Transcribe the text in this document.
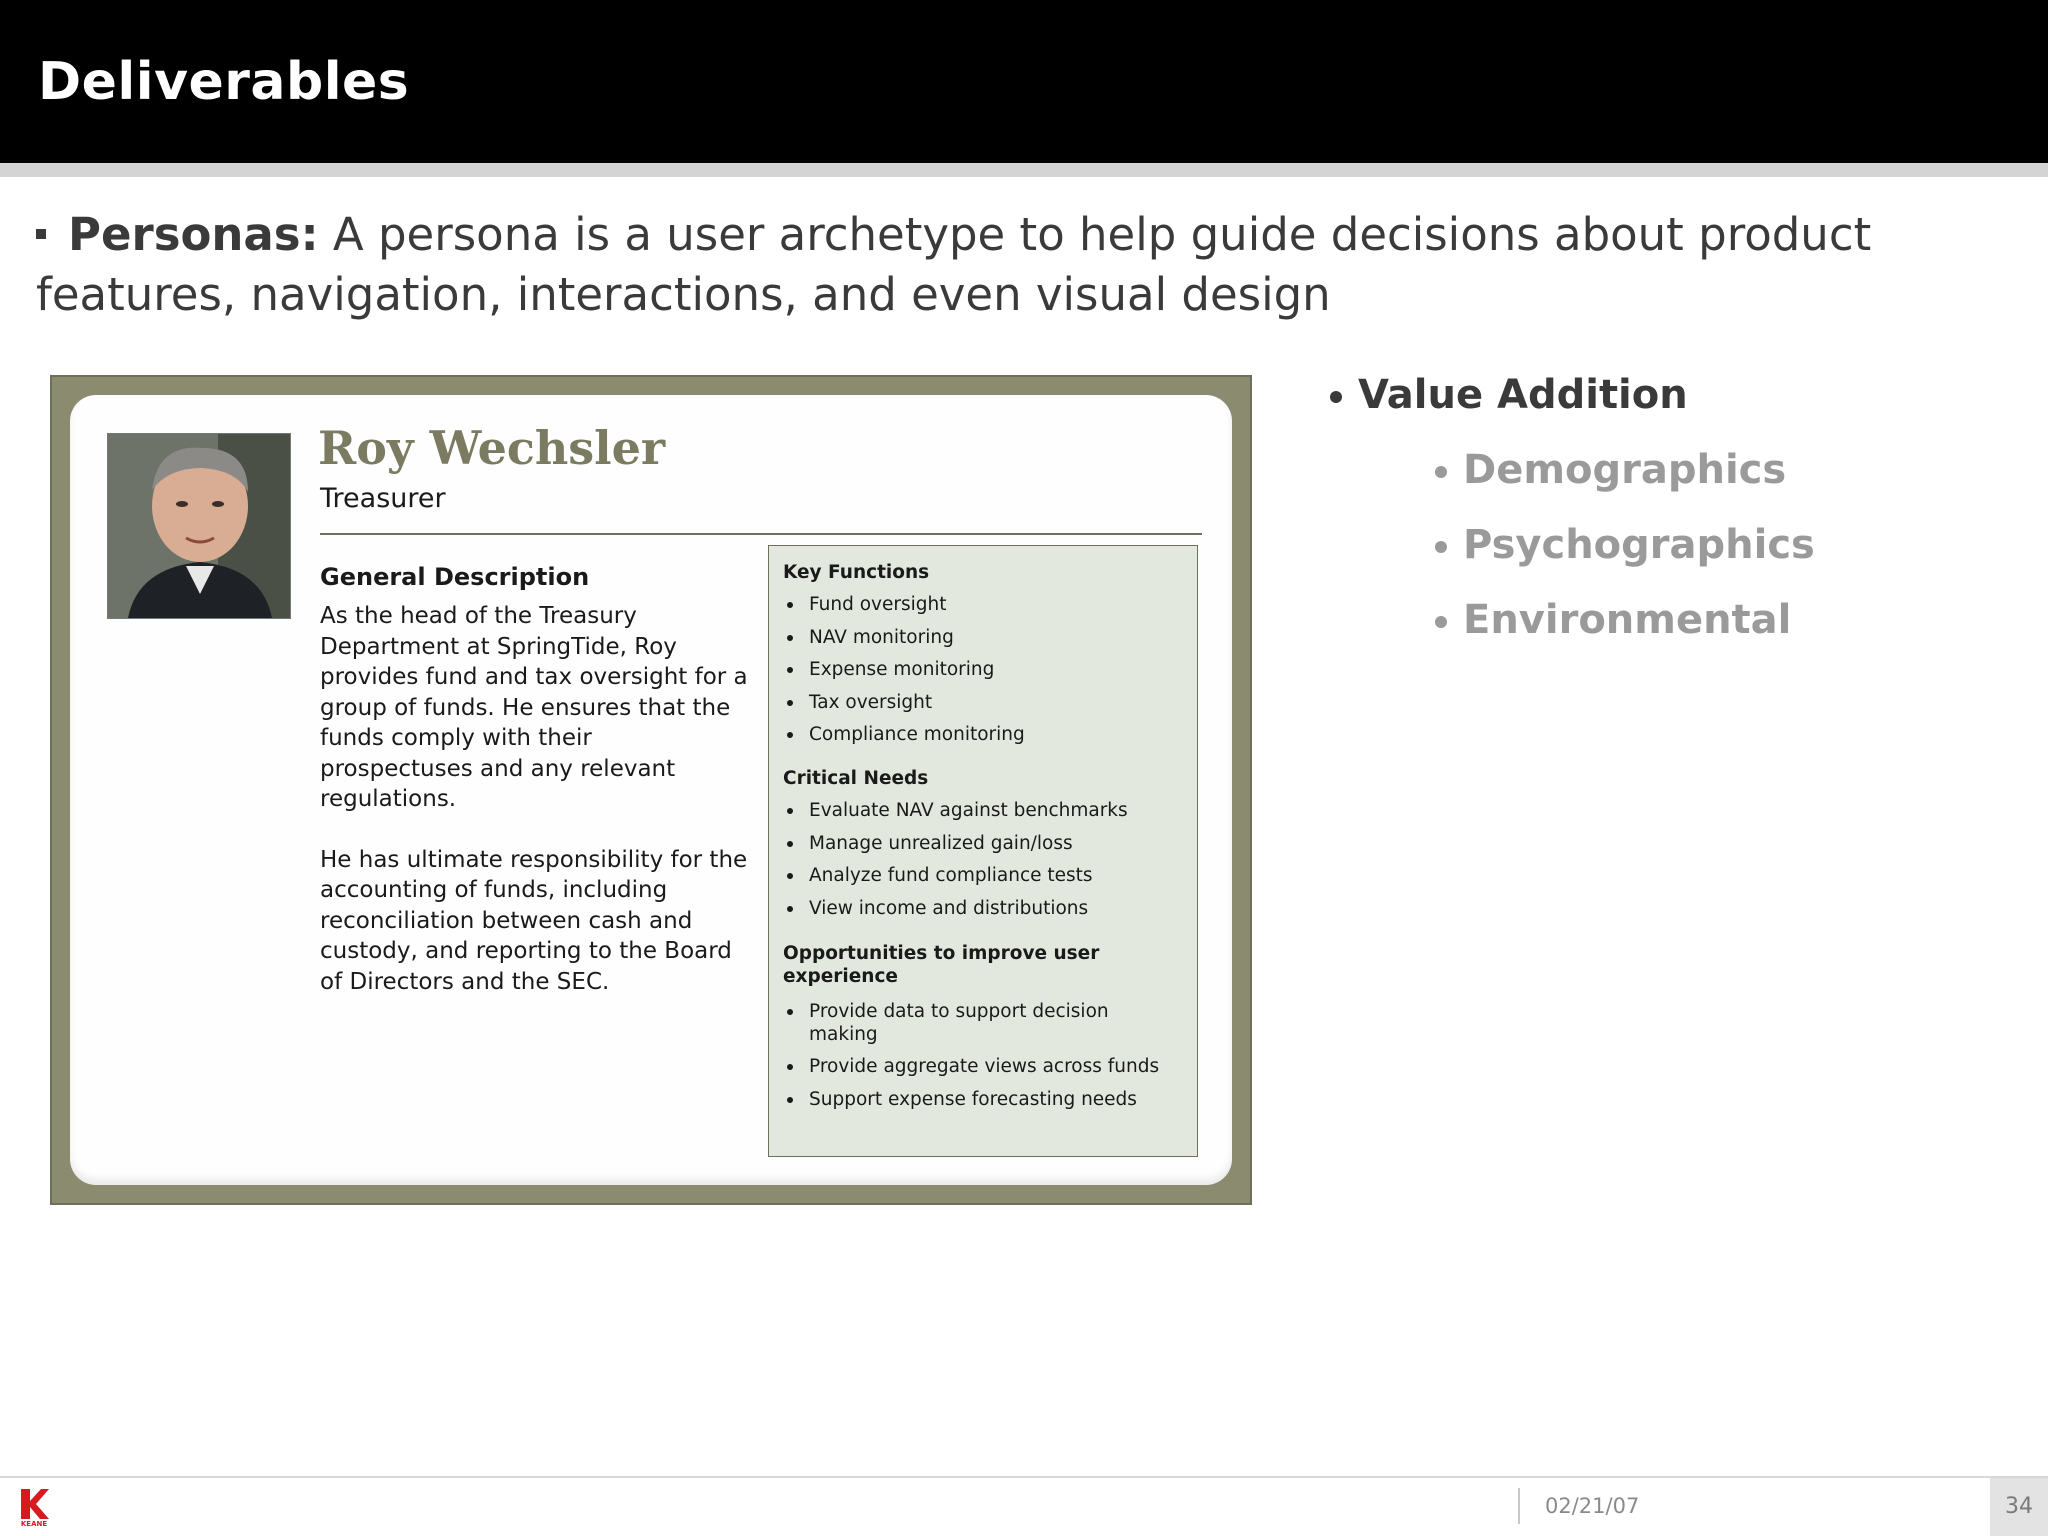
Deliverables
Personas: A persona is a user archetype to help guide decisions about product features, navigation, interactions, and even visual design
Roy Wechsler
Treasurer
General Description

As the head of the Treasury Department at SpringTide, Roy provides fund and tax oversight for a group of funds. He ensures that the funds comply with their prospectuses and any relevant regulations.

He has ultimate responsibility for the accounting of funds, including reconciliation between cash and custody, and reporting to the Board of Directors and the SEC.

Key Functions
Fund oversight
NAV monitoring
Expense monitoring
Tax oversight
Compliance monitoring
Critical Needs
Evaluate NAV against benchmarks
Manage unrealized gain/loss
Analyze fund compliance tests
View income and distributions
Opportunities to improve user experience
Provide data to support decision making
Provide aggregate views across funds
Support expense forecasting needs
Value Addition
Demographics
Psychographics
Environmental
KEANE
02/21/07	34
